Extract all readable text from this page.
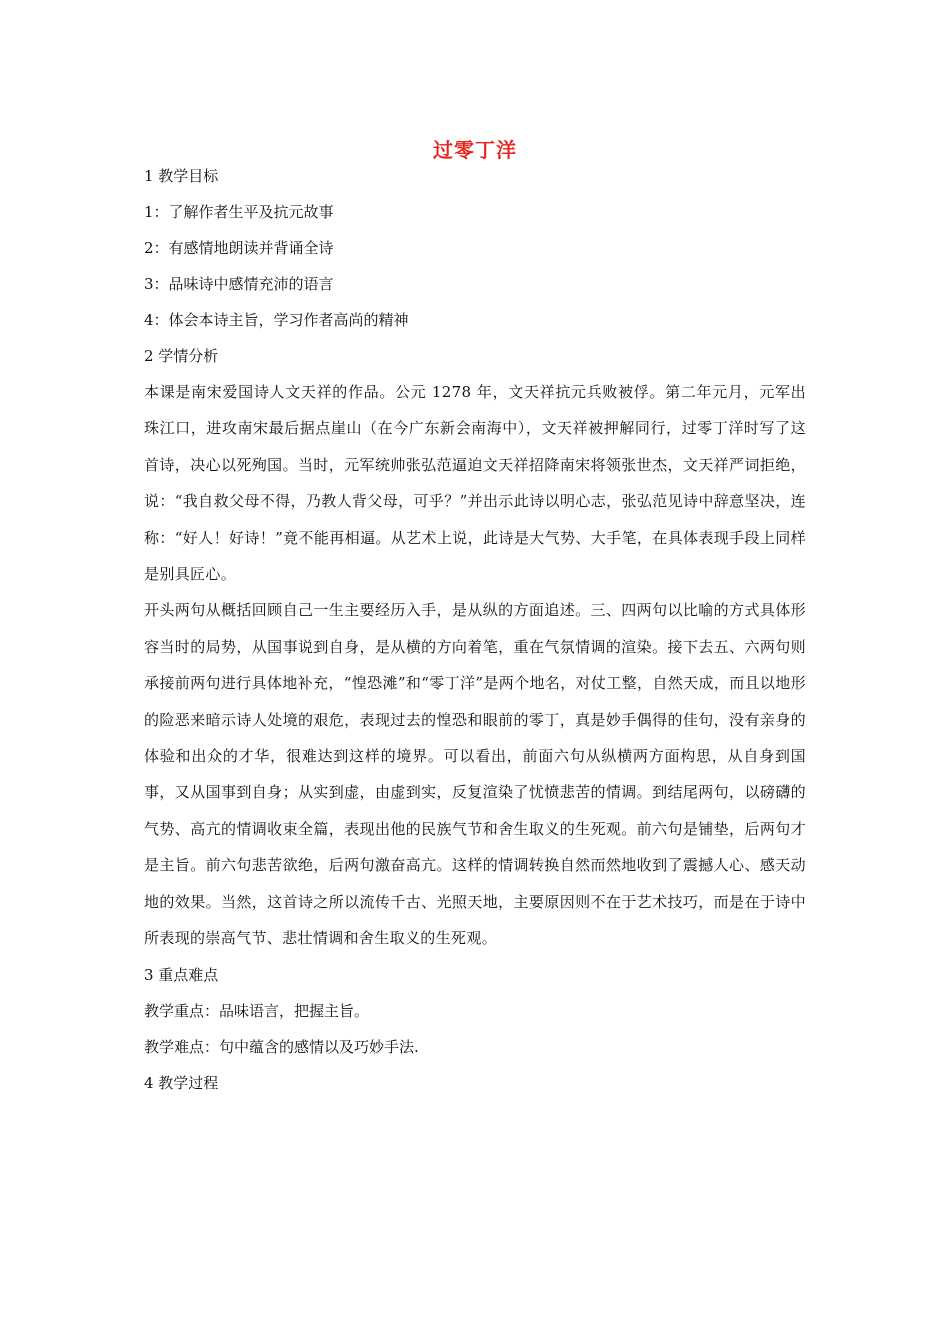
过零丁洋

1 教学目标

1：了解作者生平及抗元故事

2：有感情地朗读并背诵全诗

3：品味诗中感情充沛的语言

4：体会本诗主旨，学习作者高尚的精神

2 学情分析

本课是南宋爱国诗人文天祥的作品。公元 1278 年，文天祥抗元兵败被俘。第二年元月，元军出珠江口，进攻南宋最后据点崖山（在今广东新会南海中），文天祥被押解同行，过零丁洋时写了这首诗，决心以死殉国。当时，元军统帅张弘范逼迫文天祥招降南宋将领张世杰，文天祥严词拒绝，说：“我自救父母不得，乃教人背父母，可乎？”并出示此诗以明心志，张弘范见诗中辞意坚决，连称：“好人！好诗！”竟不能再相逼。从艺术上说，此诗是大气势、大手笔，在具体表现手段上同样是别具匠心。

开头两句从概括回顾自己一生主要经历入手，是从纵的方面追述。三、四两句以比喻的方式具体形容当时的局势，从国事说到自身，是从横的方向着笔，重在气氛情调的渲染。接下去五、六两句则承接前两句进行具体地补充，“惶恐滩”和“零丁洋”是两个地名，对仗工整，自然天成，而且以地形的险恶来暗示诗人处境的艰危，表现过去的惶恐和眼前的零丁，真是妙手偶得的佳句，没有亲身的体验和出众的才华，很难达到这样的境界。可以看出，前面六句从纵横两方面构思，从自身到国事，又从国事到自身；从实到虚，由虚到实，反复渲染了忧愤悲苦的情调。到结尾两句，以磅礴的气势、高亢的情调收束全篇，表现出他的民族气节和舍生取义的生死观。前六句是铺垫，后两句才是主旨。前六句悲苦欲绝，后两句激奋高亢。这样的情调转换自然而然地收到了震撼人心、感天动地的效果。当然，这首诗之所以流传千古、光照天地，主要原因则不在于艺术技巧，而是在于诗中所表现的崇高气节、悲壮情调和舍生取义的生死观。

3 重点难点

教学重点：品味语言，把握主旨。

教学难点：句中蕴含的感情以及巧妙手法.

4 教学过程
